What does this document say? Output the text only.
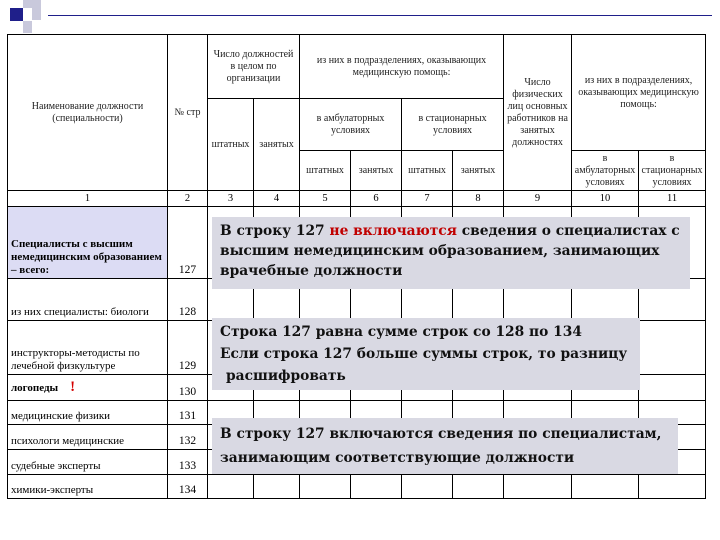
Наименование должности (специальности)	№ стр	Число должностей в целом по организации		из них в подразделениях, оказывающих медицинскую помощь:				Число физических лиц основных работников на занятых должностях	из них в подразделениях, оказывающих медицинскую помощь:	
		штатных	занятых	в амбулаторных условиях		в стационарных условиях				
				штатных	занятых	штатных	занятых		в амбулаторных условиях	в стационарных условиях
1	2	3	4	5	6	7	8	9	10	11
Специалисты с высшим немедицинским образованием – всего:	127									
из них специалисты: биологи	128									
инструкторы-методисты по лечебной физкультуре	129									
логопеды !	130									
медицинские физики	131									
психологи медицинские	132									
судебные эксперты	133									
химики-эксперты	134									
В строку 127 не включаются сведения о специалистах с высшим немедицинским образованием, занимающих врачебные должности
Строка 127 равна сумме строк со 128 по 134
Если строка 127 больше суммы строк, то разницу
расшифровать
В строку 127 включаются сведения по специалистам, занимающим соответствующие должности
